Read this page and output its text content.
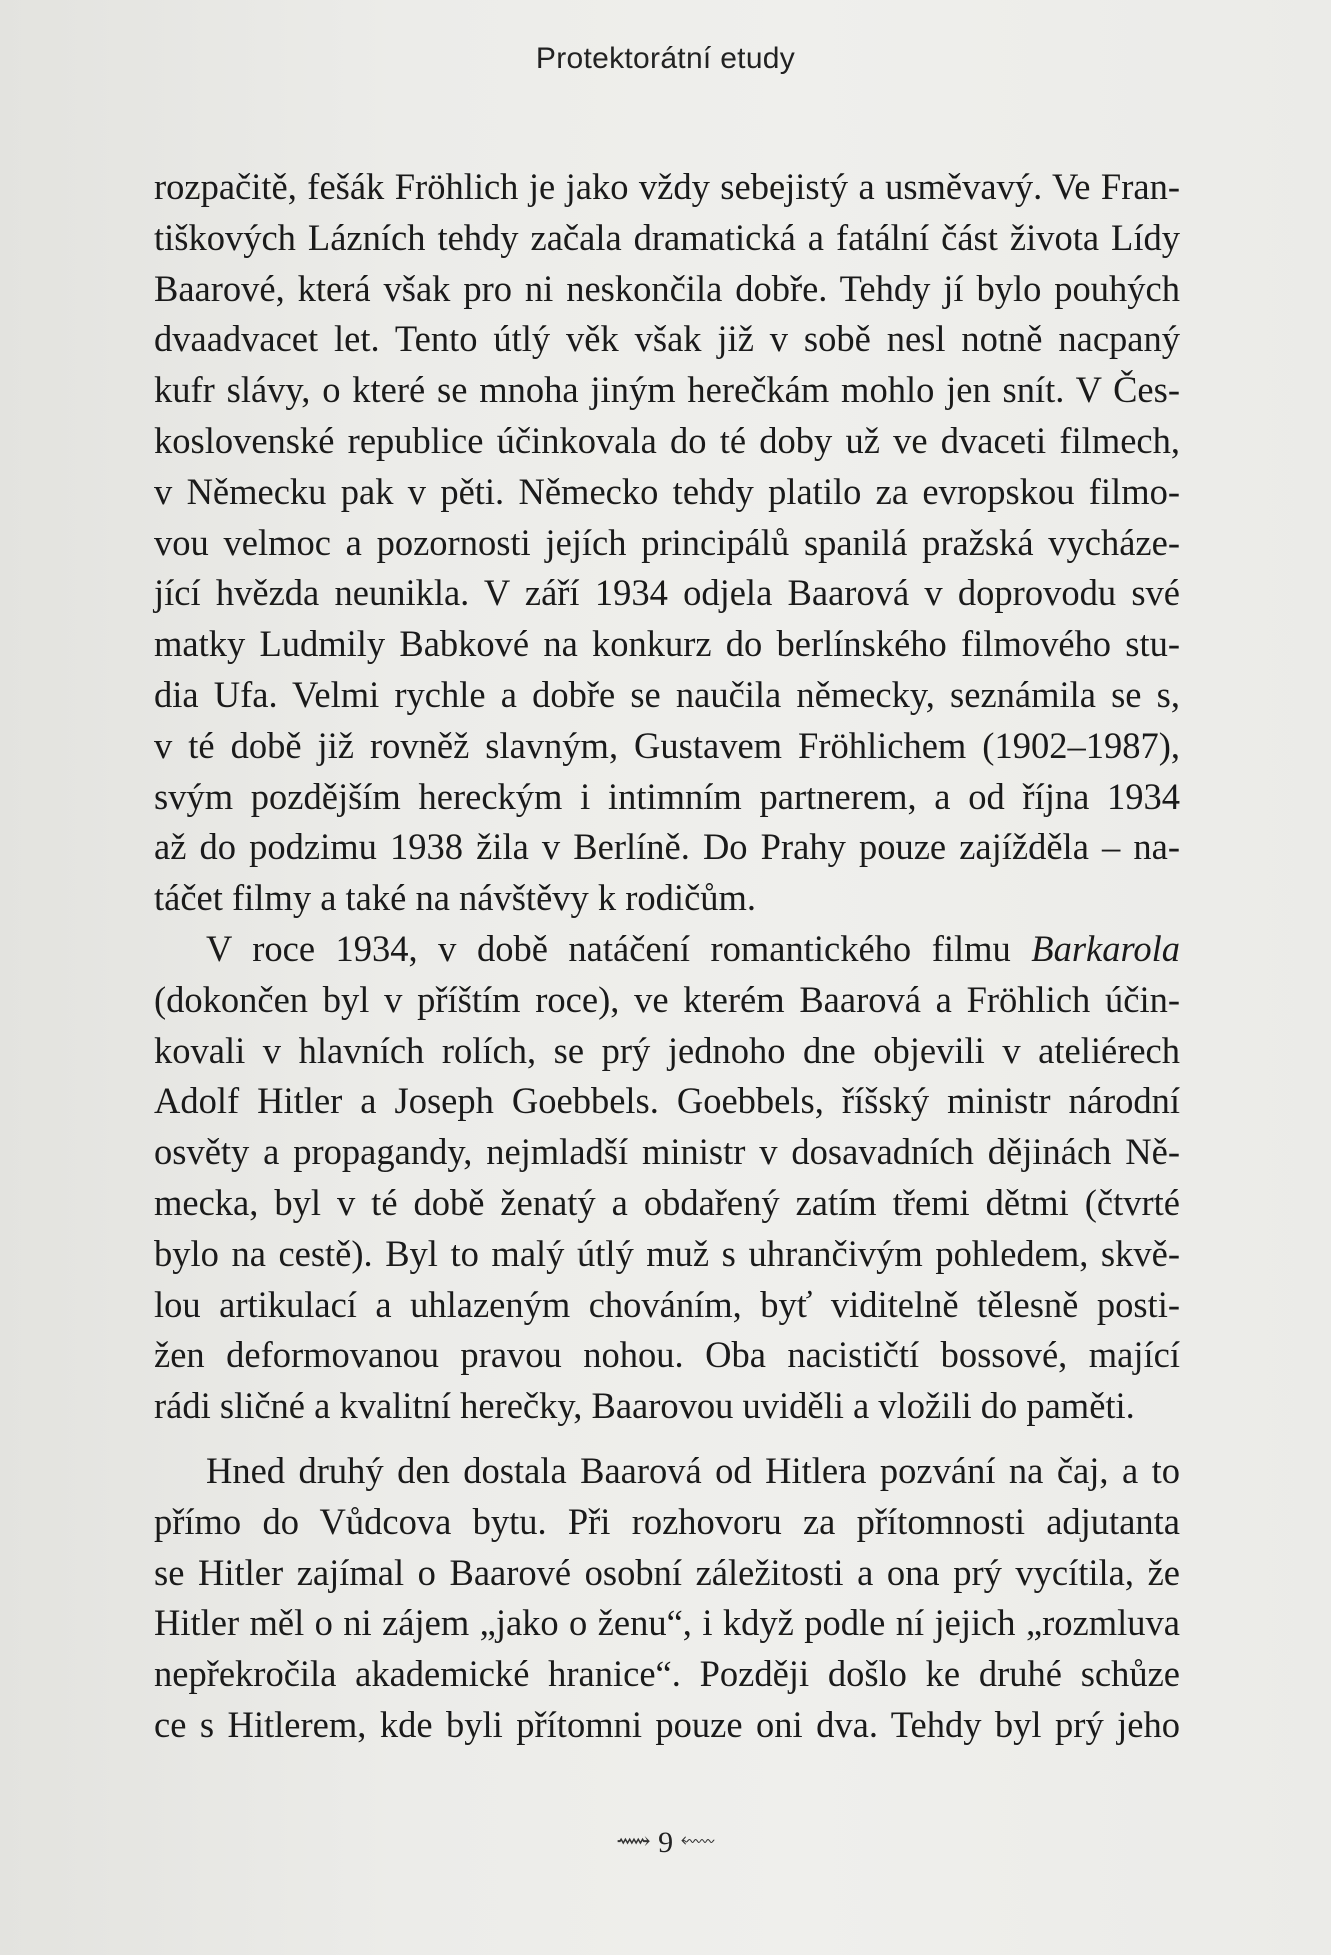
Protektorátní etudy
rozpačitě, fešák Fröhlich je jako vždy sebejistý a usměvavý. Ve Fran-
tiškových Lázních tehdy začala dramatická a fatální část života Lídy
Baarové, která však pro ni neskončila dobře. Tehdy jí bylo pouhých
dvaadvacet let. Tento útlý věk však již v sobě nesl notně nacpaný
kufr slávy, o které se mnoha jiným herečkám mohlo jen snít. V Čes-
koslovenské republice účinkovala do té doby už ve dvaceti filmech,
v Německu pak v pěti. Německo tehdy platilo za evropskou filmo-
vou velmoc a pozornosti jejích principálů spanilá pražská vycháze-
jící hvězda neunikla. V září 1934 odjela Baarová v doprovodu své
matky Ludmily Babkové na konkurz do berlínského filmového stu-
dia Ufa. Velmi rychle a dobře se naučila německy, seznámila se s,
v té době již rovněž slavným, Gustavem Fröhlichem (1902–1987),
svým pozdějším hereckým i intimním partnerem, a od října 1934
až do podzimu 1938 žila v Berlíně. Do Prahy pouze zajížděla – na-
táčet filmy a také na návštěvy k rodičům.
V roce 1934, v době natáčení romantického filmu Barkarola
(dokončen byl v příštím roce), ve kterém Baarová a Fröhlich účin-
kovali v hlavních rolích, se prý jednoho dne objevili v ateliérech
Adolf Hitler a Joseph Goebbels. Goebbels, říšský ministr národní
osvěty a propagandy, nejmladší ministr v dosavadních dějinách Ně-
mecka, byl v té době ženatý a obdařený zatím třemi dětmi (čtvrté
bylo na cestě). Byl to malý útlý muž s uhrančivým pohledem, skvě-
lou artikulací a uhlazeným chováním, byť viditelně tělesně posti-
žen deformovanou pravou nohou. Oba nacističtí bossové, mající
rádi sličné a kvalitní herečky, Baarovou uviděli a vložili do paměti.
Hned druhý den dostala Baarová od Hitlera pozvání na čaj, a to
přímo do Vůdcova bytu. Při rozhovoru za přítomnosti adjutanta
se Hitler zajímal o Baarové osobní záležitosti a ona prý vycítila, že
Hitler měl o ni zájem „jako o ženu“, i když podle ní jejich „rozmluva
nepřekročila akademické hranice“. Později došlo ke druhé schůze
ce s Hitlerem, kde byli přítomni pouze oni dva. Tehdy byl prý jeho
⟿ 9 ⬳
